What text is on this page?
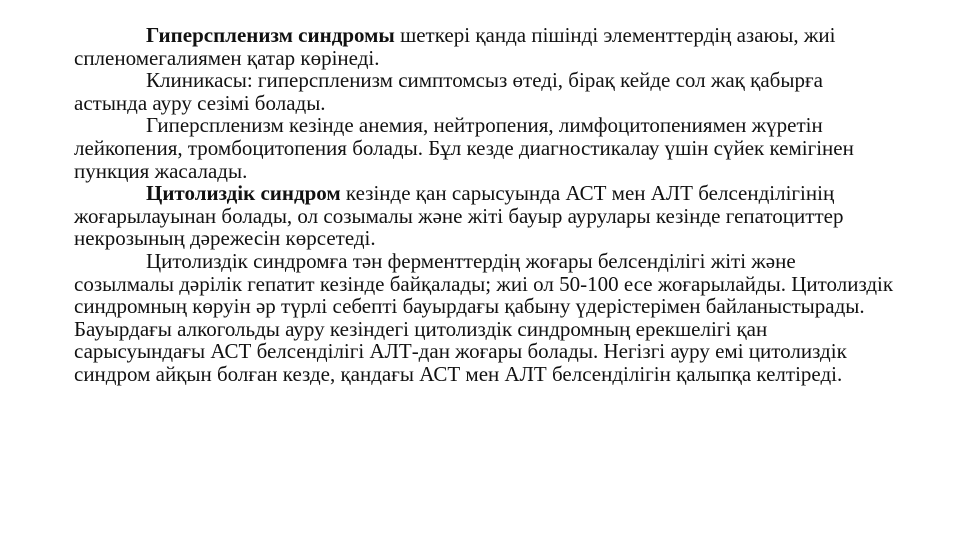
Гиперспленизм синдромы шеткері қанда пішінді элементтердің азаюы, жиі спленомегалиямен қатар көрінеді.

Клиникасы: гиперспленизм симптомсыз өтеді, бірақ кейде сол жақ қабырға астында ауру сезімі болады.

Гиперспленизм кезінде анемия, нейтропения, лимфоцитопениямен жүретін лейкопения, тромбоцитопения болады. Бұл кезде диагностикалау үшін сүйек кемігінен пункция жасалады.

Цитолиздік синдром кезінде қан сарысуында АСТ мен АЛТ белсенділігінің жоғарылауынан болады, ол созымалы және жіті бауыр аурулары кезінде гепатоциттер некрозының дәрежесін көрсетеді.

Цитолиздік синдромға тән ферменттердің жоғары белсенділігі жіті және созылмалы дәрілік гепатит кезінде байқалады; жиі ол 50-100 есе жоғарылайды. Цитолиздік синдромның көруін әр түрлі себепті бауырдағы қабыну үдерістерімен байланыстырады. Бауырдағы алкогольды ауру кезіндегі цитолиздік синдромның ерекшелігі қан сарысуындағы АСТ белсенділігі АЛТ-дан жоғары болады. Негізгі ауру емі цитолиздік синдром айқын болған кезде, қандағы АСТ мен АЛТ белсенділігін қалыпқа келтіреді.
